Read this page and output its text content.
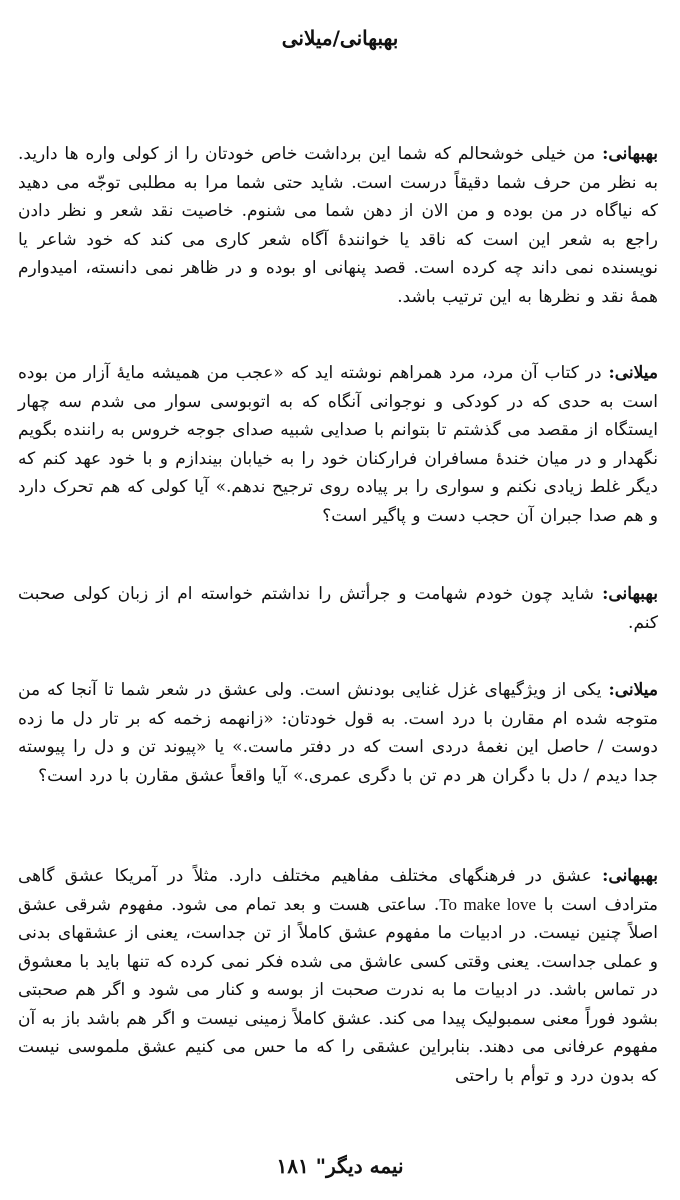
بهبهانی/میلانی
بهبهانی: من خیلی خوشحالم که شما این برداشت خاص خودتان را از کولی واره ها دارید. به نظر من حرف شما دقیقاً درست است. شاید حتی شما مرا به مطلبی توجّه می دهید که نیاگاه در من بوده و من الان از دهن شما می شنوم. خاصیت نقد شعر و نظر دادن راجع به شعر این است که ناقد یا خوانندهٔ آگاه شعر کاری می کند که خود شاعر یا نویسنده نمی داند چه کرده است. قصد پنهانی او بوده و در ظاهر نمی دانسته، امیدوارم همهٔ نقد و نظرها به این ترتیب باشد.
میلانی: در کتاب آن مرد، مرد همراهم نوشته اید که «عجب من همیشه مایهٔ آزار من بوده است به حدی که در کودکی و نوجوانی آنگاه که به اتوبوسی سوار می شدم سه چهار ایستگاه از مقصد می گذشتم تا بتوانم با صدایی شبیه صدای جوجه خروس به راننده بگویم نگهدار و در میان خندهٔ مسافران فرارکنان خود را به خیابان بیندازم و با خود عهد کنم که دیگر غلط زیادی نکنم و سواری را بر پیاده روی ترجیح ندهم.» آیا کولی که هم تحرک دارد و هم صدا جبران آن حجب دست و پاگیر است؟
بهبهانی: شاید چون خودم شهامت و جرأتش را نداشتم خواسته ام از زبان کولی صحبت کنم.
میلانی: یکی از ویژگیهای غزل غنایی بودنش است. ولی عشق در شعر شما تا آنجا که من متوجه شده ام مقارن با درد است. به قول خودتان: «زانهمه زخمه که بر تار دل ما زده دوست / حاصل این نغمهٔ دردی است که در دفتر ماست.» یا «پیوند تن و دل را پیوسته جدا دیدم / دل با دگران هر دم تن با دگری عمری.» آیا واقعاً عشق مقارن با درد است؟
بهبهانی: عشق در فرهنگهای مختلف مفاهیم مختلف دارد. مثلاً در آمریکا عشق گاهی مترادف است با To make love. ساعتی هست و بعد تمام می شود. مفهوم شرقی عشق اصلاً چنین نیست. در ادبیات ما مفهوم عشق کاملاً از تن جداست، یعنی از عشقهای بدنی و عملی جداست. یعنی وقتی کسی عاشق می شده فکر نمی کرده که تنها باید با معشوق در تماس باشد. در ادبیات ما به ندرت صحبت از بوسه و کنار می شود و اگر هم صحبتی بشود فوراً معنی سمبولیک پیدا می کند. عشق کاملاً زمینی نیست و اگر هم باشد باز به آن مفهوم عرفانی می دهند. بنابراین عشقی را که ما حس می کنیم عشق ملموسی نیست که بدون درد و توأم با راحتی
نیمه دیگر" ۱۸۱
